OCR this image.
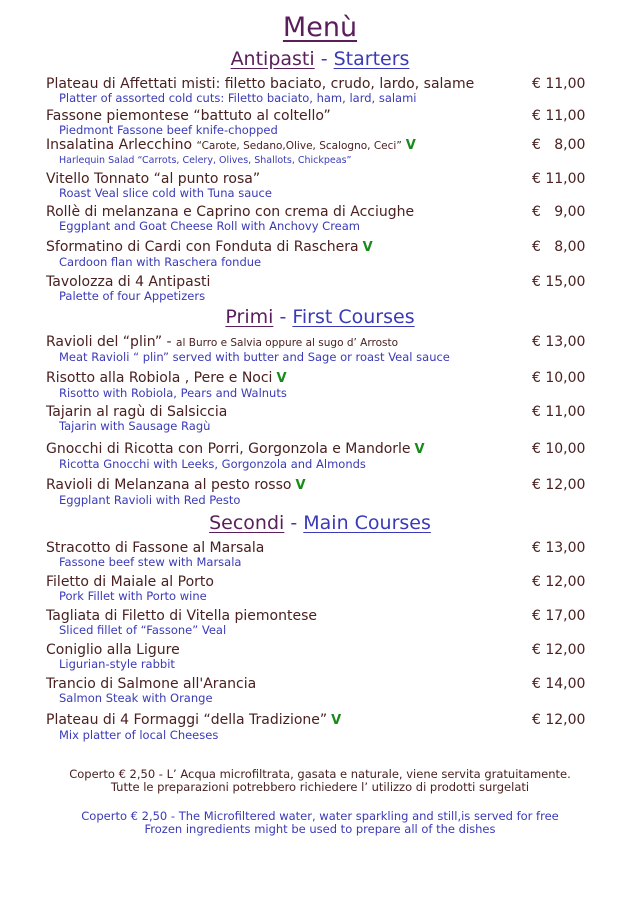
Menù
Antipasti - Starters
Primi - First Courses
Secondi - Main Courses
Plateau di Affettati misti: filetto baciato, crudo, lardo, salame
Platter of assorted cold cuts: Filetto baciato, ham, lard, salami
€ 11,00
Fassone piemontese “battuto al coltello”
Piedmont Fassone beef knife-chopped
€ 11,00
Insalatina Arlecchino “Carote, Sedano,Olive, Scalogno, Ceci” V
Harlequin Salad “Carrots, Celery, Olives, Shallots, Chickpeas”
€   8,00
Vitello Tonnato “al punto rosa”
Roast Veal slice cold with Tuna sauce
€ 11,00
Rollè di melanzana e Caprino con crema di Acciughe
Eggplant and Goat Cheese Roll with Anchovy Cream
€   9,00
Sformatino di Cardi con Fonduta di Raschera V
Cardoon flan with Raschera fondue
€   8,00
Tavolozza di 4 Antipasti
Palette of four Appetizers
€ 15,00
Ravioli del “plin” - al Burro e Salvia oppure al sugo d’ Arrosto
Meat Ravioli “ plin” served with butter and Sage or roast Veal sauce
€ 13,00
Risotto alla Robiola , Pere e Noci V
Risotto with Robiola, Pears and Walnuts
€ 10,00
Tajarin al ragù di Salsiccia
Tajarin with Sausage Ragù
€ 11,00
Gnocchi di Ricotta con Porri, Gorgonzola e Mandorle V
Ricotta Gnocchi with Leeks, Gorgonzola and Almonds
€ 10,00
Ravioli di Melanzana al pesto rosso V
Eggplant Ravioli with Red Pesto
€ 12,00
Stracotto di Fassone al Marsala
Fassone beef stew with Marsala
€ 13,00
Filetto di Maiale al Porto
Pork Fillet with Porto wine
€ 12,00
Tagliata di Filetto di Vitella piemontese
Sliced fillet of “Fassone” Veal
€ 17,00
Coniglio alla Ligure
Ligurian-style rabbit
€ 12,00
Trancio di Salmone all'Arancia
Salmon Steak with Orange
€ 14,00
Plateau di 4 Formaggi “della Tradizione” V
Mix platter of local Cheeses
€ 12,00
Coperto € 2,50 - L’ Acqua microfiltrata, gasata e naturale, viene servita gratuitamente.
Tutte le preparazioni potrebbero richiedere l’ utilizzo di prodotti surgelati
Coperto € 2,50 - The Microfiltered water, water sparkling and still,is served for free
Frozen ingredients might be used to prepare all of the dishes
